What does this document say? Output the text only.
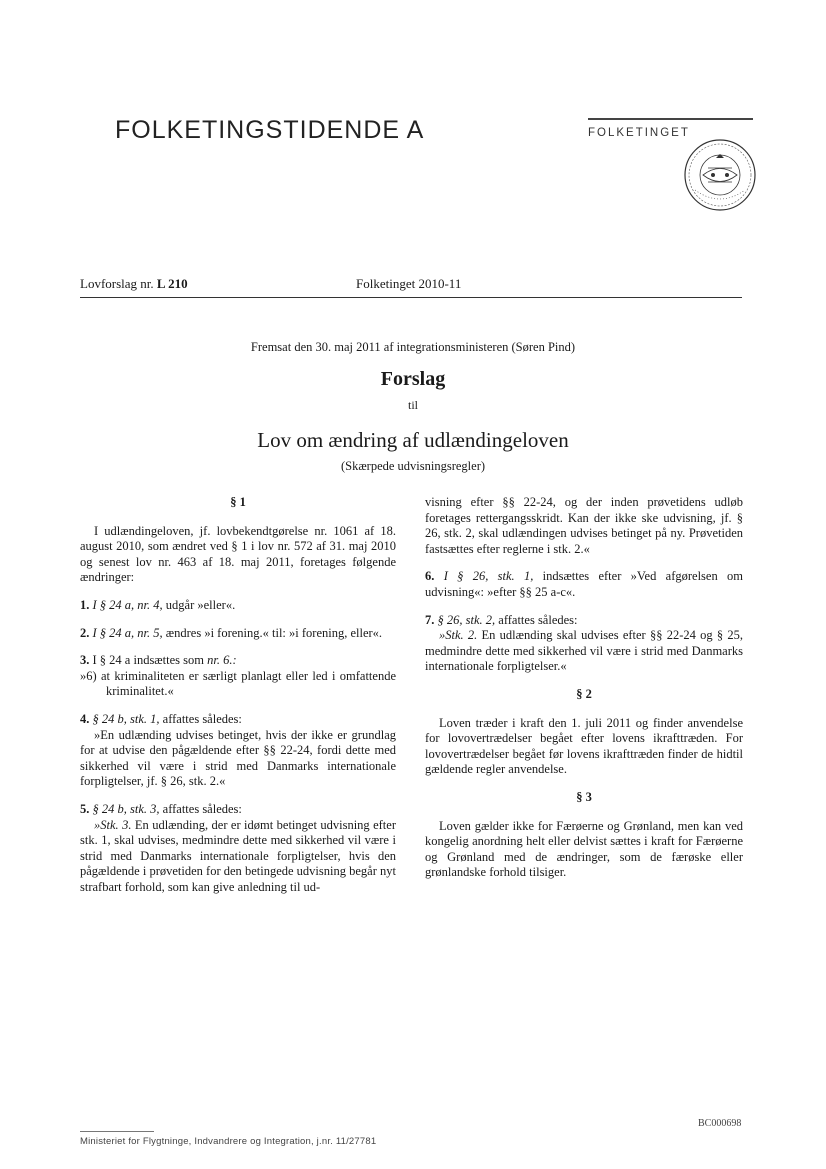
FOLKETINGSTIDENDE A	FOLKETINGET
Lovforslag nr. L 210	Folketinget 2010-11
Fremsat den 30. maj 2011 af integrationsministeren (Søren Pind)
Forslag
til
Lov om ændring af udlændingeloven
(Skærpede udvisningsregler)
§ 1

I udlændingeloven, jf. lovbekendtgørelse nr. 1061 af 18. august 2010, som ændret ved § 1 i lov nr. 572 af 31. maj 2010 og senest lov nr. 463 af 18. maj 2011, foretages følgende ændringer:

1. I § 24 a, nr. 4, udgår »eller«.

2. I § 24 a, nr. 5, ændres »i forening.« til: »i forening, eller«.

3. I § 24 a indsættes som nr. 6.:

»6) at kriminaliteten er særligt planlagt eller led i omfattende kriminalitet.«

4. § 24 b, stk. 1, affattes således:

»En udlænding udvises betinget, hvis der ikke er grundlag for at udvise den pågældende efter §§ 22-24, fordi dette med sikkerhed vil være i strid med Danmarks internationale forpligtelser, jf. § 26, stk. 2.«

5. § 24 b, stk. 3, affattes således:

»Stk. 3. En udlænding, der er idømt betinget udvisning efter stk. 1, skal udvises, medmindre dette med sikkerhed vil være i strid med Danmarks internationale forpligtelser, hvis den pågældende i prøvetiden for den betingede udvisning begår nyt strafbart forhold, som kan give anledning til ud-

visning efter §§ 22-24, og der inden prøvetidens udløb foretages rettergangsskridt. Kan der ikke ske udvisning, jf. § 26, stk. 2, skal udlændingen udvises betinget på ny. Prøvetiden fastsættes efter reglerne i stk. 2.«

6. I § 26, stk. 1, indsættes efter »Ved afgørelsen om udvisning«: »efter §§ 25 a-c«.

7. § 26, stk. 2, affattes således:

»Stk. 2. En udlænding skal udvises efter §§ 22-24 og § 25, medmindre dette med sikkerhed vil være i strid med Danmarks internationale forpligtelser.«

§ 2

Loven træder i kraft den 1. juli 2011 og finder anvendelse for lovovertrædelser begået efter lovens ikrafttræden. For lovovertrædelser begået før lovens ikrafttræden finder de hidtil gældende regler anvendelse.

§ 3

Loven gælder ikke for Færøerne og Grønland, men kan ved kongelig anordning helt eller delvist sættes i kraft for Færøerne og Grønland med de ændringer, som de færøske eller grønlandske forhold tilsiger.

BC000698
Ministeriet for Flygtninge, Indvandrere og Integration, j.nr. 11/27781
